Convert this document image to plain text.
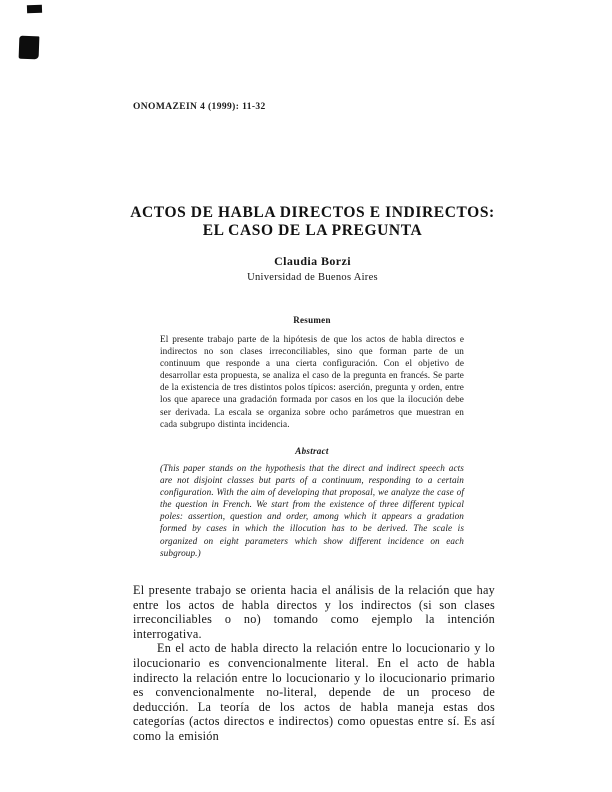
ONOMAZEIN 4 (1999): 11-32
ACTOS DE HABLA DIRECTOS E INDIRECTOS:
EL CASO DE LA PREGUNTA
Claudia Borzi
Universidad de Buenos Aires
Resumen
El presente trabajo parte de la hipótesis de que los actos de habla directos e indirectos no son clases irreconciliables, sino que forman parte de un continuum que responde a una cierta configuración. Con el objetivo de desarrollar esta propuesta, se analiza el caso de la pregunta en francés. Se parte de la existencia de tres distintos polos típicos: aserción, pregunta y orden, entre los que aparece una gradación formada por casos en los que la ilocución debe ser derivada. La escala se organiza sobre ocho parámetros que muestran en cada subgrupo distinta incidencia.
Abstract
(This paper stands on the hypothesis that the direct and indirect speech acts are not disjoint classes but parts of a continuum, responding to a certain configuration. With the aim of developing that proposal, we analyze the case of the question in French. We start from the existence of three different typical poles: assertion, question and order, among which it appears a gradation formed by cases in which the illocution has to be derived. The scale is organized on eight parameters which show different incidence on each subgroup.)

El presente trabajo se orienta hacia el análisis de la relación que hay entre los actos de habla directos y los indirectos (si son clases irreconciliables o no) tomando como ejemplo la intención interrogativa.

En el acto de habla directo la relación entre lo locucionario y lo ilocucionario es convencionalmente literal. En el acto de habla indirecto la relación entre lo locucionario y lo ilocucionario primario es convencionalmente no-literal, depende de un proceso de deducción. La teoría de los actos de habla maneja estas dos categorías (actos directos e indirectos) como opuestas entre sí. Es así como la emisión
